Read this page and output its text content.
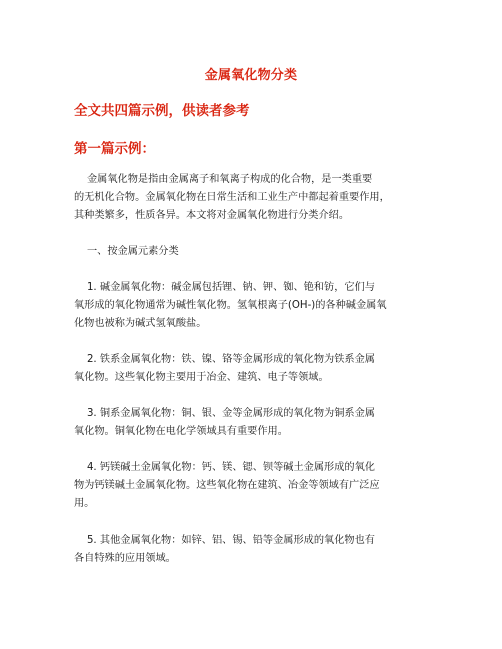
金属氧化物分类
全文共四篇示例，供读者参考
第一篇示例：
金属氧化物是指由金属离子和氧离子构成的化合物，是一类重要
的无机化合物。金属氧化物在日常生活和工业生产中都起着重要作用，
其种类繁多，性质各异。本文将对金属氧化物进行分类介绍。
一、按金属元素分类
1. 碱金属氧化物：碱金属包括锂、钠、钾、铷、铯和钫，它们与
氧形成的氧化物通常为碱性氧化物。氢氧根离子(OH-)的各种碱金属氧
化物也被称为碱式氢氧酸盐。
2. 铁系金属氧化物：铁、镍、铬等金属形成的氧化物为铁系金属
氧化物。这些氧化物主要用于冶金、建筑、电子等领域。
3. 铜系金属氧化物：铜、银、金等金属形成的氧化物为铜系金属
氧化物。铜氧化物在电化学领域具有重要作用。
4. 钙镁碱土金属氧化物：钙、镁、锶、钡等碱土金属形成的氧化
物为钙镁碱土金属氧化物。这些氧化物在建筑、冶金等领域有广泛应
用。
5. 其他金属氧化物：如锌、铝、锡、铅等金属形成的氧化物也有
各自特殊的应用领域。
